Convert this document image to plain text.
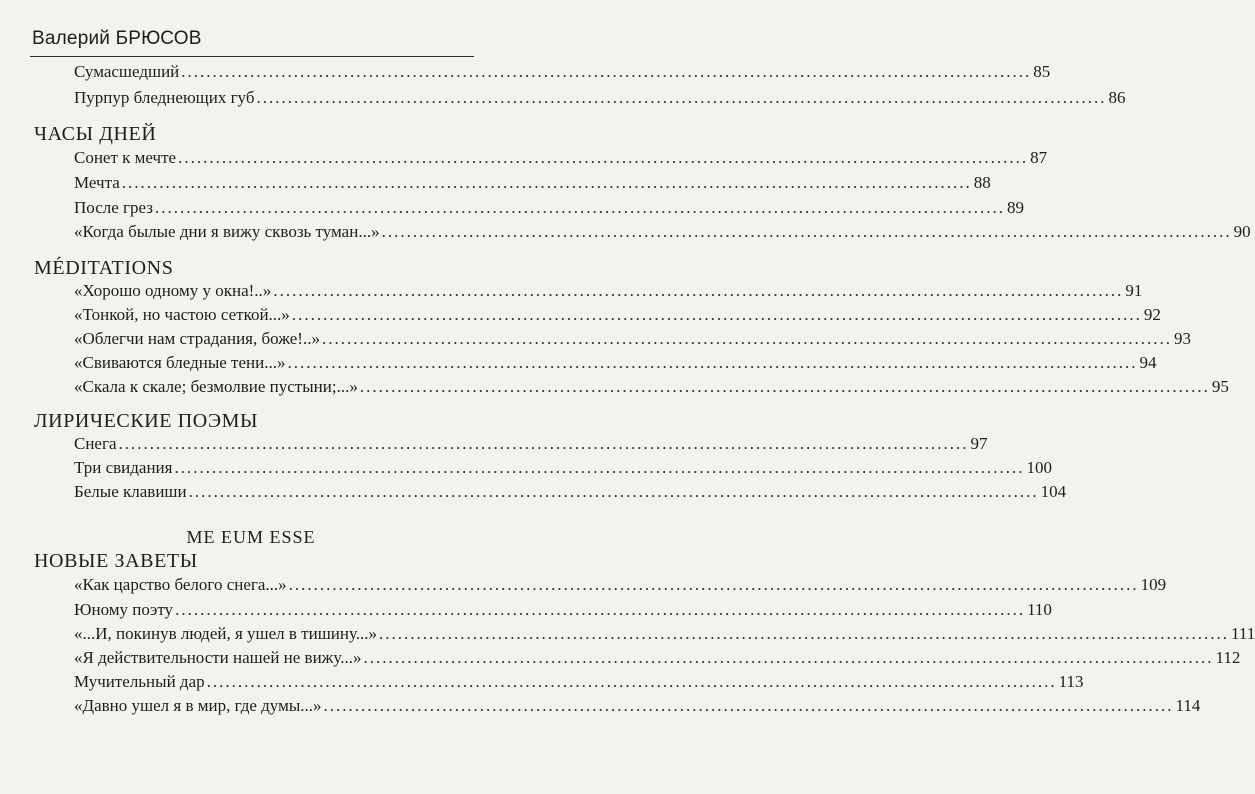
Валерий БРЮСОВ
Сумасшедший ........................................................................................................................................ 85
Пурпур бледнеющих губ ........................................................................................................................................ 86
ЧАСЫ ДНЕЙ
Сонет к мечте ........................................................................................................................................ 87
Мечта ........................................................................................................................................ 88
После грез ........................................................................................................................................ 89
«Когда былые дни я вижу сквозь туман...» ........................................................................................................................................ 90
MÉDITATIONS
«Хорошо одному у окна!..» ........................................................................................................................................ 91
«Тонкой, но частою сеткой...» ........................................................................................................................................ 92
«Облегчи нам страдания, боже!..» ........................................................................................................................................ 93
«Свиваются бледные тени...» ........................................................................................................................................ 94
«Скала к скале; безмолвие пустыни;...» ........................................................................................................................................ 95
ЛИРИЧЕСКИЕ ПОЭМЫ
Снега ........................................................................................................................................ 97
Три свидания ........................................................................................................................................ 100
Белые клавиши ........................................................................................................................................ 104
ME EUM ESSE
НОВЫЕ ЗАВЕТЫ
«Как царство белого снега...» ........................................................................................................................................ 109
Юному поэту ........................................................................................................................................ 110
«...И, покинув людей, я ушел в тишину...» ........................................................................................................................................ 111
«Я действительности нашей не вижу...» ........................................................................................................................................ 112
Мучительный дар ........................................................................................................................................ 113
«Давно ушел я в мир, где думы...» ........................................................................................................................................ 114
